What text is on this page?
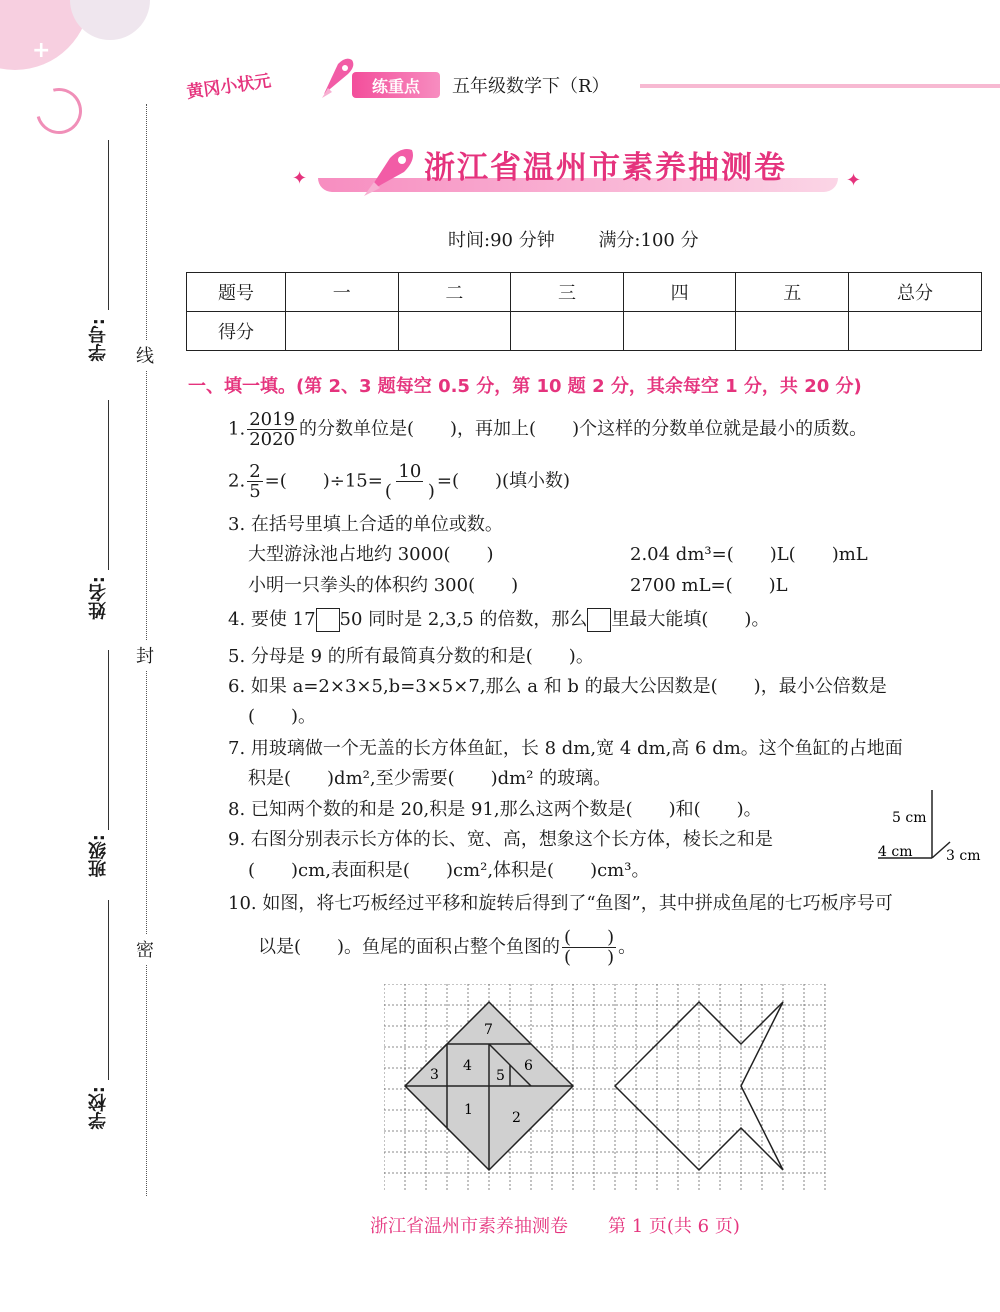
+
黄冈小状元	练重点	五年级数学下（R）
浙江省温州市素养抽测卷
✦	✦
时间:90 分钟 满分:100 分
题号	一	二	三	四	五	总分
得分						
学号:
姓名:
班级:
学校:
线
封
密
一、填一填。(第 2、3 题每空 0.5 分，第 10 题 2 分，其余每空 1 分，共 20 分)
1. $\frac{2019}{2020}$ 的分数单位是(　　)，再加上(　　)个这样的分数单位就是最小的质数。
2. $\frac{2}{5}$ =(　　)$\div 15= \frac{10}{( )}$ =(　　)(填小数)
3. 在括号里填上合适的单位或数。
大型游泳池占地约 3000(　　)	2.04 dm³=(　　)L(　　)mL
小明一只拳头的体积约 300(　　)	2700 mL=(　　)L
4. 要使 17 50 同时是 2,3,5 的倍数，那么 里最大能填(　　)。
5. 分母是 9 的所有最简真分数的和是(　　)。
6. 如果 a=2×3×5,b=3×5×7,那么 a 和 b 的最大公因数是(　　)，最小公倍数是
(　　)。
7. 用玻璃做一个无盖的长方体鱼缸，长 8 dm,宽 4 dm,高 6 dm。这个鱼缸的占地面
积是(　　)dm²,至少需要(　　)dm² 的玻璃。
8. 已知两个数的和是 20,积是 91,那么这两个数是(　　)和(　　)。
9. 右图分别表示长方体的长、宽、高，想象这个长方体，棱长之和是
(　　)cm,表面积是(　　)cm²,体积是(　　)cm³。
5 cm
4 cm 3 cm
10. 如图，将七巧板经过平移和旋转后得到了“鱼图”，其中拼成鱼尾的七巧板序号可
以是(　　)。鱼尾的面积占整个鱼图的 $\frac{( )}{( )}$ 。
7
4
3	5
6
1	2
浙江省温州市素养抽测卷 第 1 页(共 6 页)
